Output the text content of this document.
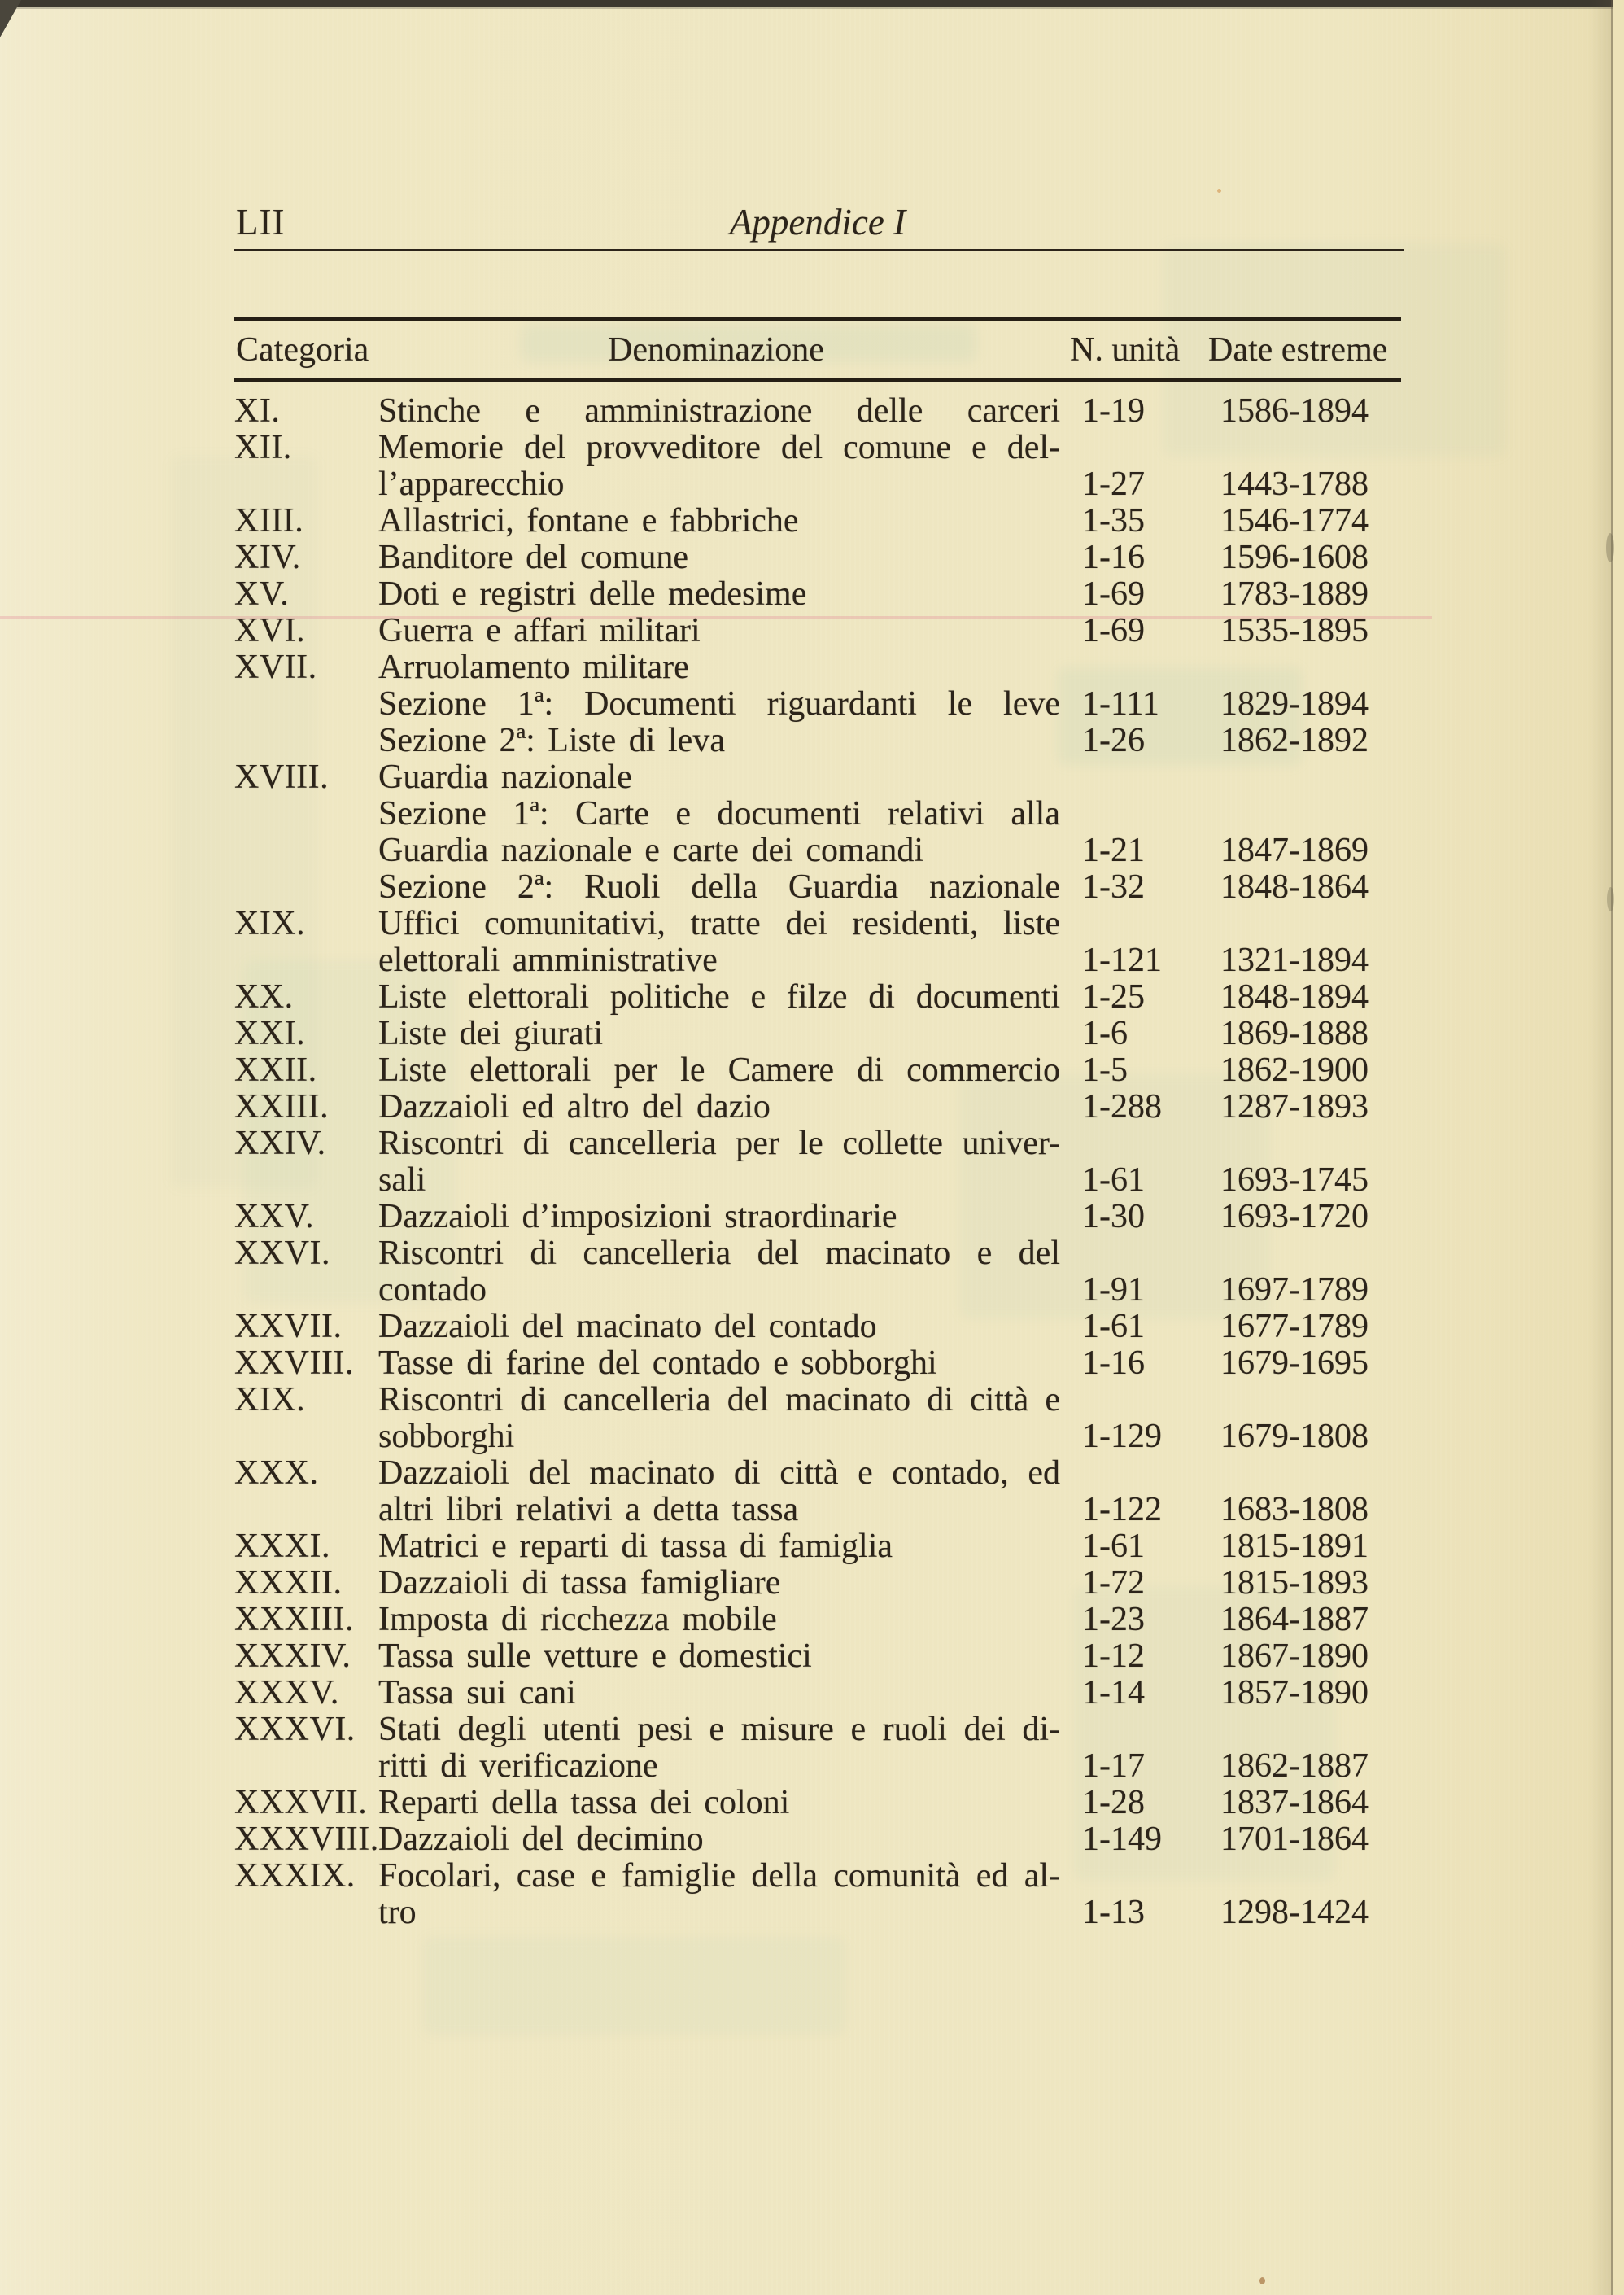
LII	Appendice I
Categoria	Denominazione	N. unità Date estreme
XI.	Stinche e amministrazione delle carceri 1-19 1586-1894
XII.	Memorie del provveditore del comune e del-
l’apparecchio	1-27 1443-1788
XIII. Allastrici, fontane e fabbriche	1-35 1546-1774
XIV. Banditore del comune	1-16 1596-1608
XV.	Doti e registri delle medesime	1-69 1783-1889
XVI. Guerra e affari militari	1-69 1535-1895
XVII. Arruolamento militare
Sezione 1ª: Documenti riguardanti le leve 1-111 1829-1894
Sezione 2ª: Liste di leva	1-26 1862-1892
XVIII. Guardia nazionale
Sezione 1ª: Carte e documenti relativi alla
Guardia nazionale e carte dei comandi	1-21 1847-1869
Sezione 2ª: Ruoli della Guardia nazionale 1-32 1848-1864
XIX. Uffici comunitativi, tratte dei residenti, liste
elettorali amministrative	1-121 1321-1894
XX. Liste elettorali politiche e filze di documenti 1-25 1848-1894
XXI. Liste dei giurati	1-6	1869-1888
XXII. Liste elettorali per le Camere di commercio 1-5	1862-1900
XXIII. Dazzaioli ed altro del dazio	1-288 1287-1893
XXIV. Riscontri di cancelleria per le collette univer-
sali	1-61 1693-1745
XXV. Dazzaioli d’imposizioni straordinarie	1-30 1693-1720
XXVI. Riscontri di cancelleria del macinato e del
contado	1-91 1697-1789
XXVII. Dazzaioli del macinato del contado	1-61 1677-1789
XXVIII. Tasse di farine del contado e sobborghi	1-16 1679-1695
XIX. Riscontri di cancelleria del macinato di città e
sobborghi	1-129 1679-1808
XXX. Dazzaioli del macinato di città e contado, ed
altri libri relativi a detta tassa	1-122 1683-1808
XXXI. Matrici e reparti di tassa di famiglia	1-61 1815-1891
XXXII. Dazzaioli di tassa famigliare	1-72 1815-1893
XXXIII. Imposta di ricchezza mobile	1-23 1864-1887
XXXIV. Tassa sulle vetture e domestici	1-12 1867-1890
XXXV. Tassa sui cani	1-14 1857-1890
XXXVI. Stati degli utenti pesi e misure e ruoli dei di-
ritti di verificazione	1-17 1862-1887
XXXVII. Reparti della tassa dei coloni	1-28 1837-1864
XXXVIII. Dazzaioli del decimino	1-149 1701-1864
XXXIX. Focolari, case e famiglie della comunità ed al-
tro	1-13 1298-1424
